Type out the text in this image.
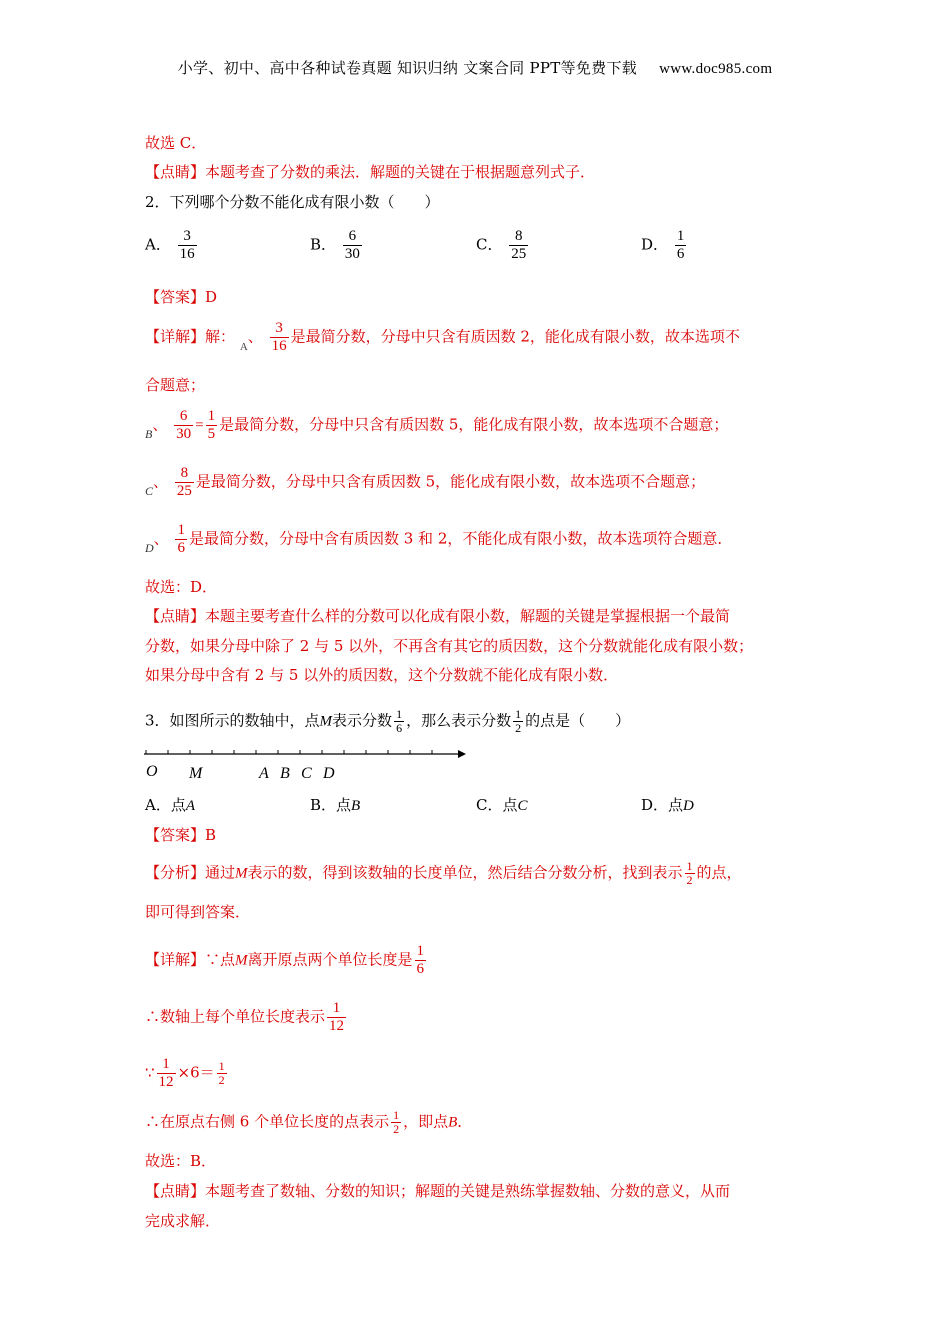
小学、初中、高中各种试卷真题 知识归纳 文案合同 PPT等免费下载 www.doc985.com
故选 C．
【点睛】本题考查了分数的乘法．解题的关键在于根据题意列式子．
2．下列哪个分数不能化成有限小数（　　）
A． $\frac{3}{16}$	B． $\frac{6}{30}$	C． $\frac{8}{25}$	D． $\frac{1}{6}$
【答案】D
【详解】解： $_A$、 $\frac{3}{16}$ 是最简分数，分母中只含有质因数 2，能化成有限小数，故本选项不
合题意；
$_B$、 $\frac{6}{30} = \frac{1}{5}$ 是最简分数，分母中只含有质因数 5，能化成有限小数，故本选项不合题意；
$_C$、 $\frac{8}{25}$ 是最简分数，分母中只含有质因数 5，能化成有限小数，故本选项不合题意；
$_D$、 $\frac{1}{6}$ 是最简分数，分母中含有质因数 3 和 2，不能化成有限小数，故本选项符合题意．
故选：D．
【点睛】本题主要考查什么样的分数可以化成有限小数，解题的关键是掌握根据一个最简
分数，如果分母中除了 2 与 5 以外，不再含有其它的质因数，这个分数就能化成有限小数；
如果分母中含有 2 与 5 以外的质因数，这个分数就不能化成有限小数．
3．如图所示的数轴中，点M表示分数 $\frac{1}{6}$ ，那么表示分数 $\frac{1}{2}$ 的点是（　　）
O M	A B C D
A．点A	B．点B	C．点C	D．点D
【答案】B
【分析】通过M表示的数，得到该数轴的长度单位，然后结合分数分析，找到表示 $\frac{1}{2}$ 的点，
即可得到答案．
【详解】∵点M离开原点两个单位长度是 $\frac{1}{6}$
∴数轴上每个单位长度表示 $\frac{1}{12}$
∵ $\frac{1}{12} \times 6= \frac{1}{2}$
∴在原点右侧 6 个单位长度的点表示 $\frac{1}{2}$ ，即点B．
故选：B．
【点睛】本题考查了数轴、分数的知识；解题的关键是熟练掌握数轴、分数的意义，从而
完成求解．
